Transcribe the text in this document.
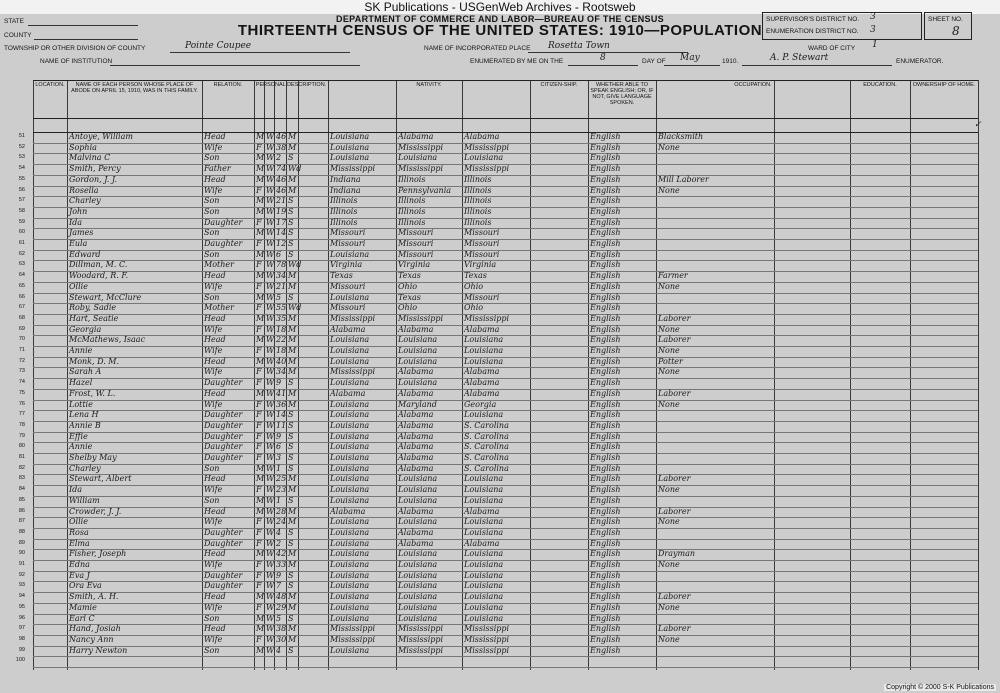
SK Publications - USGenWeb Archives - Rootsweb
DEPARTMENT OF COMMERCE AND LABOR—BUREAU OF THE CENSUS
THIRTEENTH CENSUS OF THE UNITED STATES: 1910—POPULATION
STATE
COUNTY
TOWNSHIP OR OTHER DIVISION OF COUNTY	Pointe Coupee	NAME OF INCORPORATED PLACE Rosetta Town
NAME OF INSTITUTION	ENUMERATED BY ME ON THE	8	DAY OF May	1910.	A. P. Stewart	ENUMERATOR.
SUPERVISOR'S DISTRICT NO. 3
ENUMERATION DISTRICT NO. 3
SHEET NO.
8
WARD OF CITY 1
LOCATION.	NAME OF EACH PERSON WHOSE PLACE OF ABODE ON APRIL 15, 1910, WAS IN THIS FAMILY.
RELATION.	PERSONAL DESCRIPTION.	NATIVITY.	CITIZEN-SHIP.	WHETHER ABLE TO SPEAK ENGLISH; OR, IF NOT, GIVE LANGUAGE SPOKEN.
OCCUPATION.	EDUCATION.	OWNERSHIP OF HOME.
51	Antoye, William	Head	M W 46 M	Louisiana	Alabama	Alabama	English	Blacksmith
52	Sophia	Wife	F W 38 M	Louisiana	Mississippi	Mississippi	English	None
53	Malvina C	Son	M W 2 S	Louisiana	Louisiana	Louisiana	English
54	Smith, Percy	Father	M W 74 Wd	Mississippi	Mississippi	Mississippi	English
55	Gordon, J. J.	Head	M W 46 M	Indiana	Illinois	Illinois	English	Mill Laborer
56	Rosella	Wife	F W 46 M	Indiana	Pennsylvania	Illinois	English	None
57	Charley	Son	M W 21 S	Illinois	Illinois	Illinois	English
58	John	Son	M W 19 S	Illinois	Illinois	Illinois	English
59	Ida	Daughter	F W 17 S	Illinois	Illinois	Illinois	English
60	James	Son	M W 14 S	Missouri	Missouri	Missouri	English
61	Eula	Daughter	F W 12 S	Missouri	Missouri	Missouri	English
62	Edward	Son	M W 6 S	Louisiana	Missouri	Missouri	English
63	Dillman, M. C.	Mother	F W 78 Wd	Virginia	Virginia	Virginia	English
64	Woodard, R. F.	Head	M W 34 M	Texas	Texas	Texas	English	Farmer
65	Ollie	Wife	F W 21 M	Missouri	Ohio	Ohio	English	None
66	Stewart, McClure	Son	M W 5 S	Louisiana	Texas	Missouri	English
67	Roby, Sadie	Mother	F W 55 Wd	Missouri	Ohio	Ohio	English
68	Hart, Seatie	Head	M W 35 M	Mississippi	Mississippi	Mississippi	English	Laborer
69	Georgia	Wife	F W 18 M	Alabama	Alabama	Alabama	English	None
70	McMathews, Isaac	Head	M W 22 M	Louisiana	Louisiana	Louisiana	English	Laborer
71	Annie	Wife	F W 18 M	Louisiana	Louisiana	Louisiana	English	None
72	Monk, D. M.	Head	M W 40 M	Louisiana	Louisiana	Louisiana	English	Potter
73	Sarah A	Wife	F W 34 M	Mississippi	Alabama	Alabama	English	None
74	Hazel	Daughter	F W 9 S	Louisiana	Louisiana	Alabama	English
75	Frost, W. L.	Head	M W 41 M	Alabama	Alabama	Alabama	English	Laborer
76	Lottie	Wife	F W 36 M	Louisiana	Maryland	Georgia	English	None
77	Lena H	Daughter	F W 14 S	Louisiana	Alabama	Louisiana	English
78	Annie B	Daughter	F W 11 S	Louisiana	Alabama	S. Carolina	English
79	Effie	Daughter	F W 9 S	Louisiana	Alabama	S. Carolina	English
80	Annie	Daughter	F W 6 S	Louisiana	Alabama	S. Carolina	English
81	Shelby May	Daughter	F W 3 S	Louisiana	Alabama	S. Carolina	English
82	Charley	Son	M W 1 S	Louisiana	Alabama	S. Carolina	English
83	Stewart, Albert	Head	M W 25 M	Louisiana	Louisiana	Louisiana	English	Laborer
84	Ida	Wife	F W 23 M	Louisiana	Louisiana	Louisiana	English	None
85	William	Son	M W 1 S	Louisiana	Louisiana	Louisiana	English
86	Crowder, J. J.	Head	M W 28 M	Alabama	Alabama	Alabama	English	Laborer
87	Ollie	Wife	F W 24 M	Louisiana	Louisiana	Louisiana	English	None
88	Rosa	Daughter	F W 4 S	Louisiana	Alabama	Louisiana	English
89	Elma	Daughter	F W 2 S	Louisiana	Alabama	Alabama	English
90	Fisher, Joseph	Head	M W 42 M	Louisiana	Louisiana	Louisiana	English	Drayman
91	Edna	Wife	F W 33 M	Louisiana	Louisiana	Louisiana	English	None
92	Eva J	Daughter	F W 9 S	Louisiana	Louisiana	Louisiana	English
93	Ora Eva	Daughter	F W 7 S	Louisiana	Louisiana	Louisiana	English
94	Smith, A. H.	Head	M W 48 M	Louisiana	Louisiana	Louisiana	English	Laborer
95	Mamie	Wife	F W 29 M	Louisiana	Louisiana	Louisiana	English	None
96	Earl C	Son	M W 5 S	Louisiana	Louisiana	Louisiana	English
97	Hand, Josiah	Head	M W 38 M	Mississippi	Mississippi	Mississippi	English	Laborer
98	Nancy Ann	Wife	F W 30 M	Mississippi	Mississippi	Mississippi	English	None
99	Harry Newton	Son	M W 4 S	Louisiana	Mississippi	Mississippi	English
100
✓
Copyright © 2000 S-K Publications
